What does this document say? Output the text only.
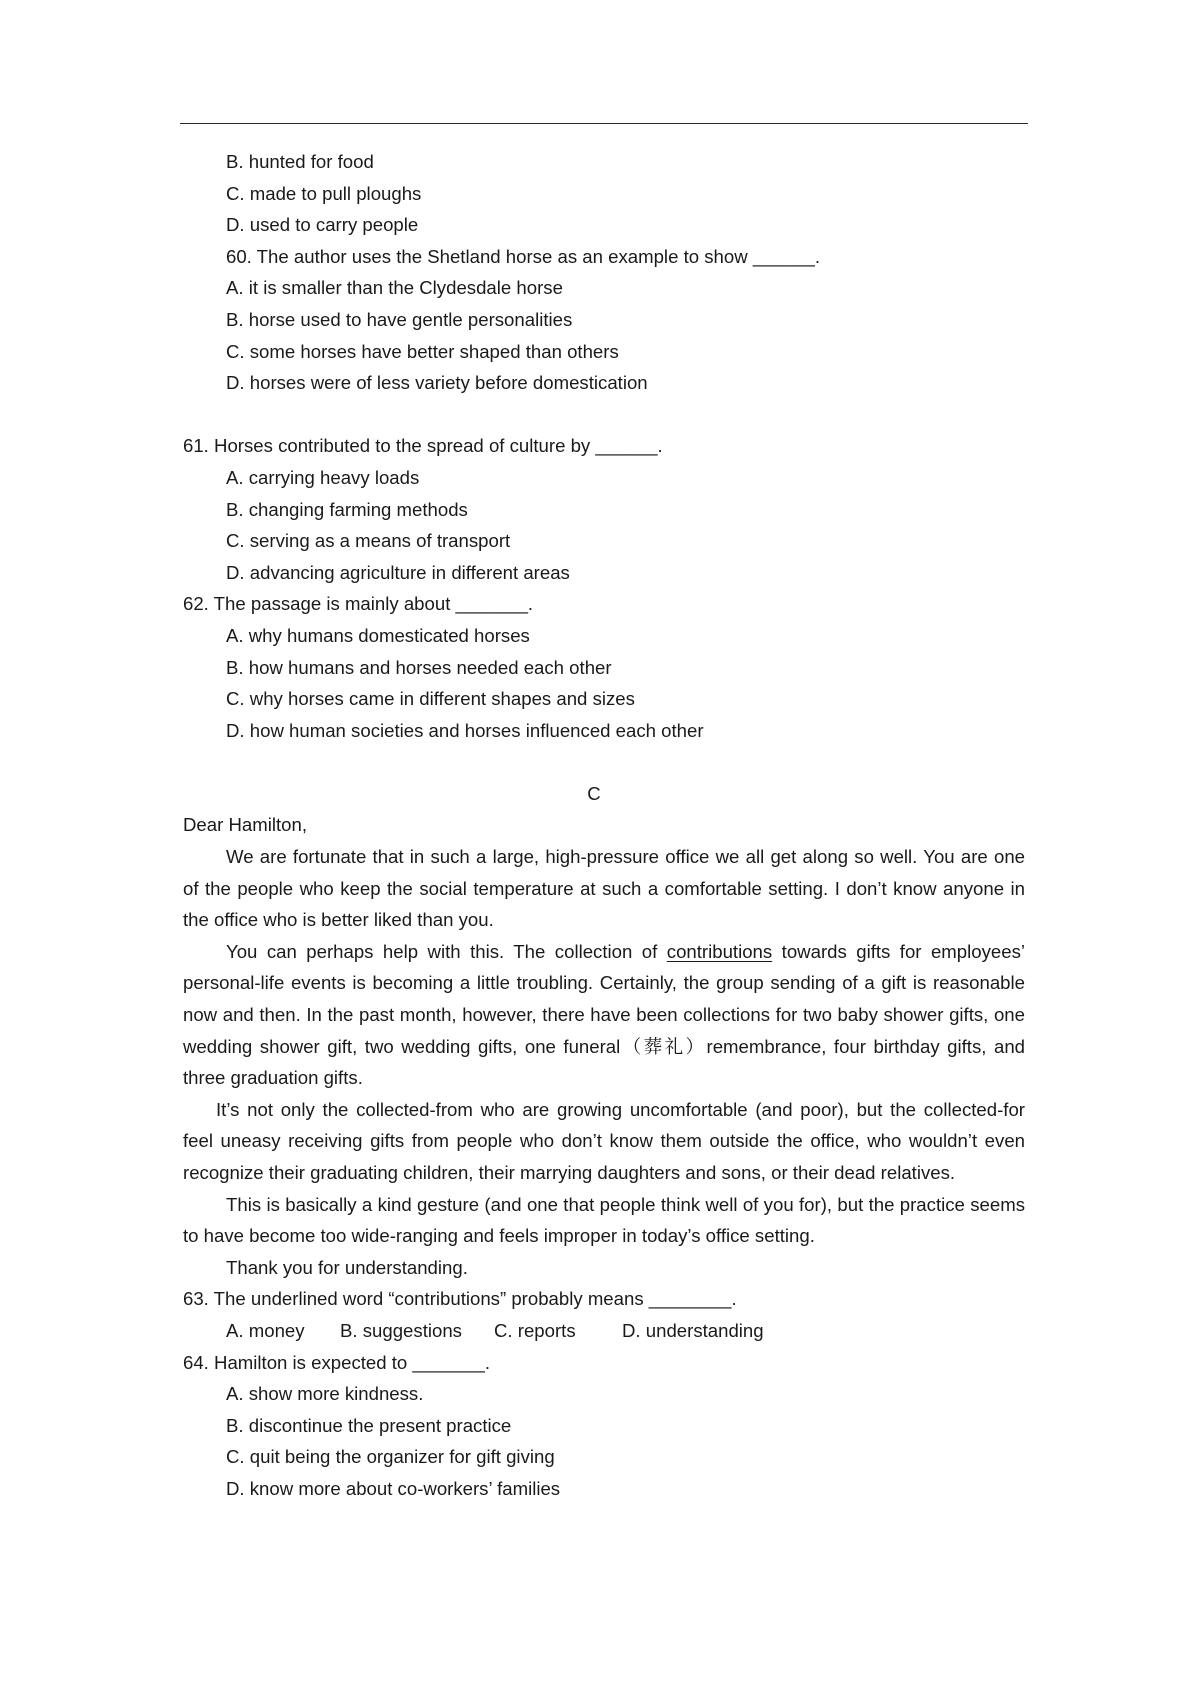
B. hunted for food
C. made to pull ploughs
D. used to carry people
60. The author uses the Shetland horse as an example to show ______.
A. it is smaller than the Clydesdale horse
B. horse used to have gentle personalities
C. some horses have better shaped than others
D. horses were of less variety before domestication
61. Horses contributed to the spread of culture by ______.
A. carrying heavy loads
B. changing farming methods
C. serving as a means of transport
D. advancing agriculture in different areas
62. The passage is mainly about _______.
A. why humans domesticated horses
B. how humans and horses needed each other
C. why horses came in different shapes and sizes
D. how human societies and horses influenced each other
C
Dear Hamilton,
We are fortunate that in such a large, high-pressure office we all get along so well. You are one of the people who keep the social temperature at such a comfortable setting. I don’t know anyone in the office who is better liked than you.
You can perhaps help with this. The collection of contributions towards gifts for employees’ personal-life events is becoming a little troubling. Certainly, the group sending of a gift is reasonable now and then. In the past month, however, there have been collections for two baby shower gifts, one wedding shower gift, two wedding gifts, one funeral（葬礼）remembrance, four birthday gifts, and three graduation gifts.
It’s not only the collected-from who are growing uncomfortable (and poor), but the collected-for feel uneasy receiving gifts from people who don’t know them outside the office, who wouldn’t even recognize their graduating children, their marrying daughters and sons, or their dead relatives.
This is basically a kind gesture (and one that people think well of you for), but the practice seems to have become too wide-ranging and feels improper in today’s office setting.
Thank you for understanding.
63. The underlined word “contributions” probably means ________.
A. money B. suggestions C. reports D. understanding
64. Hamilton is expected to _______.
A. show more kindness.
B. discontinue the present practice
C. quit being the organizer for gift giving
D. know more about co-workers’ families
